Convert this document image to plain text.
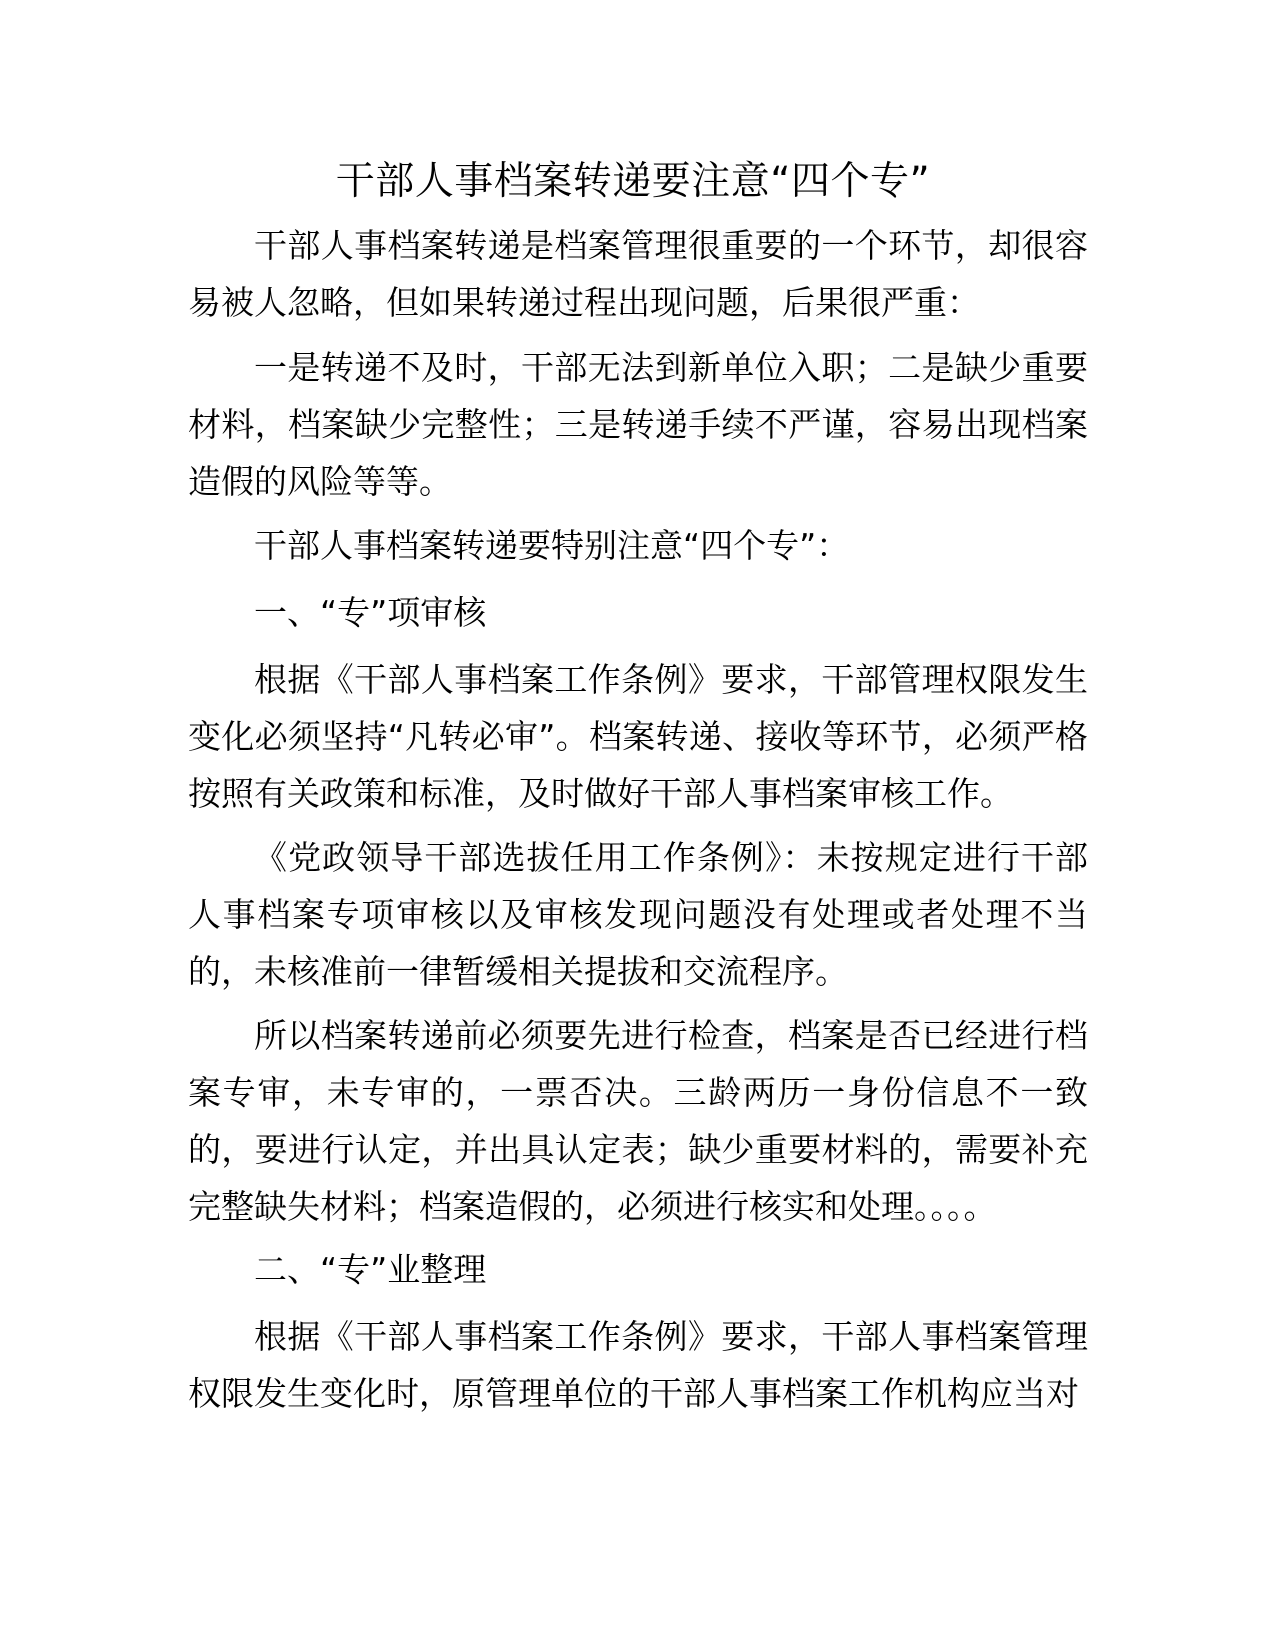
干部人事档案转递要注意“四个专”

干部人事档案转递是档案管理很重要的一个环节，却很容易被人忽略，但如果转递过程出现问题，后果很严重：

一是转递不及时，干部无法到新单位入职；二是缺少重要材料，档案缺少完整性；三是转递手续不严谨，容易出现档案造假的风险等等。

干部人事档案转递要特别注意“四个专”：

一、“专”项审核

根据《干部人事档案工作条例》要求，干部管理权限发生变化必须坚持“凡转必审”。档案转递、接收等环节，必须严格按照有关政策和标准，及时做好干部人事档案审核工作。

《党政领导干部选拔任用工作条例》：未按规定进行干部人事档案专项审核以及审核发现问题没有处理或者处理不当的，未核准前一律暂缓相关提拔和交流程序。

所以档案转递前必须要先进行检查，档案是否已经进行档案专审，未专审的，一票否决。三龄两历一身份信息不一致的，要进行认定，并出具认定表；缺少重要材料的，需要补充完整缺失材料；档案造假的，必须进行核实和处理。。。。

二、“专”业整理

根据《干部人事档案工作条例》要求，干部人事档案管理权限发生变化时，原管理单位的干部人事档案工作机构应当对
